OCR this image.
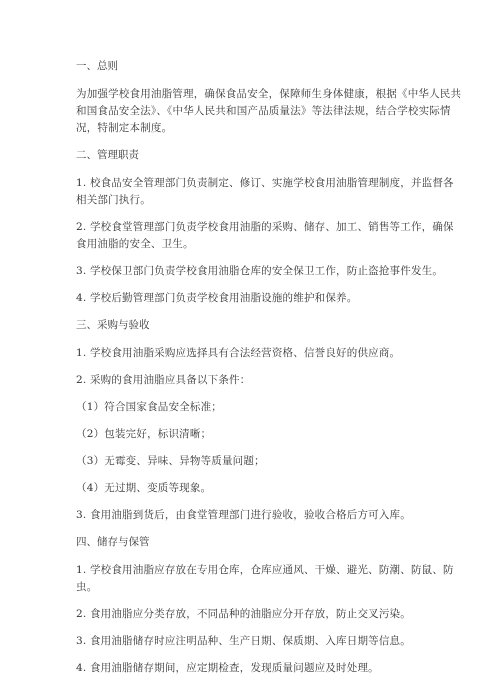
一、总则

为加强学校食用油脂管理，确保食品安全，保障师生身体健康，根据《中华人民共

和国食品安全法》、《中华人民共和国产品质量法》等法律法规，结合学校实际情

况，特制定本制度。

二、管理职责

1. 校食品安全管理部门负责制定、修订、实施学校食用油脂管理制度，并监督各

相关部门执行。

2. 学校食堂管理部门负责学校食用油脂的采购、储存、加工、销售等工作，确保

食用油脂的安全、卫生。

3. 学校保卫部门负责学校食用油脂仓库的安全保卫工作，防止盗抢事件发生。

4. 学校后勤管理部门负责学校食用油脂设施的维护和保养。

三、采购与验收

1. 学校食用油脂采购应选择具有合法经营资格、信誉良好的供应商。

2. 采购的食用油脂应具备以下条件：

（1）符合国家食品安全标准；

（2）包装完好，标识清晰；

（3）无霉变、异味、异物等质量问题；

（4）无过期、变质等现象。

3. 食用油脂到货后，由食堂管理部门进行验收，验收合格后方可入库。

四、储存与保管

1. 学校食用油脂应存放在专用仓库，仓库应通风、干燥、避光、防潮、防鼠、防

虫。

2. 食用油脂应分类存放，不同品种的油脂应分开存放，防止交叉污染。

3. 食用油脂储存时应注明品种、生产日期、保质期、入库日期等信息。

4. 食用油脂储存期间，应定期检查，发现质量问题应及时处理。
